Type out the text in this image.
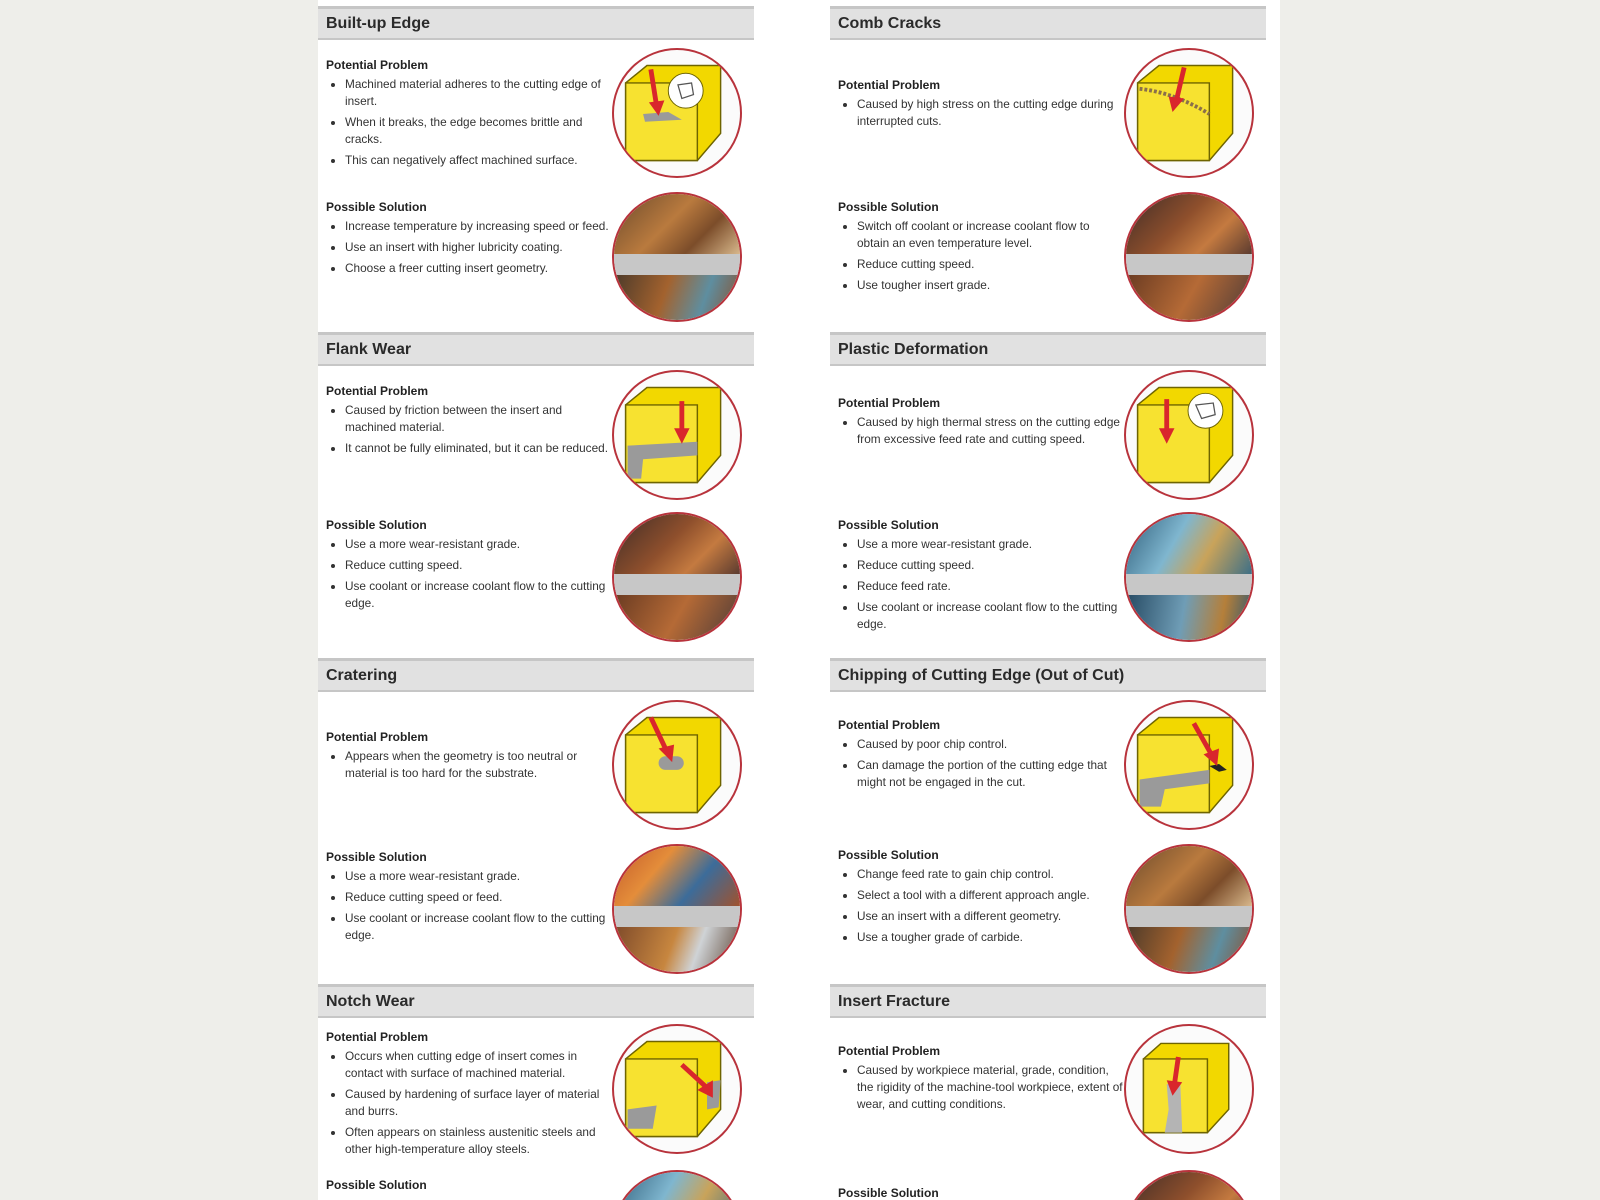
Built-up Edge
Potential Problem
• Machined material adheres to the cutting edge of insert.
• When it breaks, the edge becomes brittle and cracks.
• This can negatively affect machined surface.
Possible Solution
• Increase temperature by increasing speed or feed.
• Use an insert with higher lubricity coating.
• Choose a freer cutting insert geometry.
Comb Cracks
Potential Problem
• Caused by high stress on the cutting edge during interrupted cuts.
Possible Solution
• Switch off coolant or increase coolant flow to obtain an even temperature level.
• Reduce cutting speed.
• Use tougher insert grade.
Flank Wear
Potential Problem
• Caused by friction between the insert and machined material.
• It cannot be fully eliminated, but it can be reduced.
Possible Solution
• Use a more wear-resistant grade.
• Reduce cutting speed.
• Use coolant or increase coolant flow to the cutting edge.
Plastic Deformation
Potential Problem
• Caused by high thermal stress on the cutting edge from excessive feed rate and cutting speed.
Possible Solution
• Use a more wear-resistant grade.
• Reduce cutting speed.
• Reduce feed rate.
• Use coolant or increase coolant flow to the cutting edge.
Cratering
Potential Problem
• Appears when the geometry is too neutral or material is too hard for the substrate.
Possible Solution
• Use a more wear-resistant grade.
• Reduce cutting speed or feed.
• Use coolant or increase coolant flow to the cutting edge.
Chipping of Cutting Edge (Out of Cut)
Potential Problem
• Caused by poor chip control.
• Can damage the portion of the cutting edge that might not be engaged in the cut.
Possible Solution
• Change feed rate to gain chip control.
• Select a tool with a different approach angle.
• Use an insert with a different geometry.
• Use a tougher grade of carbide.
Notch Wear
Potential Problem
• Occurs when cutting edge of insert comes in contact with surface of machined material.
• Caused by hardening of surface layer of material and burrs.
• Often appears on stainless austenitic steels and other high-temperature alloy steels.
Possible Solution
Insert Fracture
Potential Problem
• Caused by workpiece material, grade, condition, the rigidity of the machine-tool workpiece, extent of wear, and cutting conditions.
Possible Solution
